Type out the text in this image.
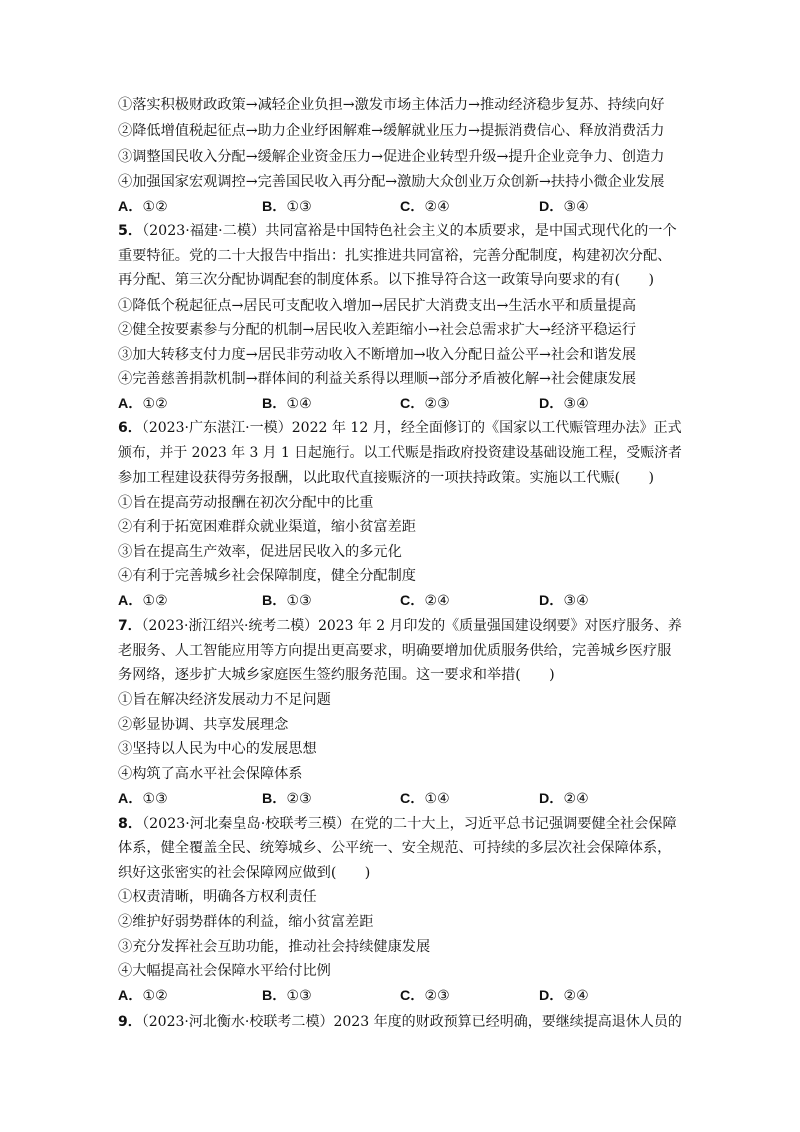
①落实积极财政政策→减轻企业负担→激发市场主体活力→推动经济稳步复苏、持续向好
②降低增值税起征点→助力企业纾困解难→缓解就业压力→提振消费信心、释放消费活力
③调整国民收入分配→缓解企业资金压力→促进企业转型升级→提升企业竞争力、创造力
④加强国家宏观调控→完善国民收入再分配→激励大众创业万众创新→扶持小微企业发展
A．①②	B．①③	C．②④	D．③④
5．（2023·福建·二模）共同富裕是中国特色社会主义的本质要求，是中国式现代化的一个
重要特征。党的二十大报告中指出：扎实推进共同富裕，完善分配制度，构建初次分配、
再分配、第三次分配协调配套的制度体系。以下推导符合这一政策导向要求的有(　　)
①降低个税起征点→居民可支配收入增加→居民扩大消费支出→生活水平和质量提高
②健全按要素参与分配的机制→居民收入差距缩小→社会总需求扩大→经济平稳运行
③加大转移支付力度→居民非劳动收入不断增加→收入分配日益公平→社会和谐发展
④完善慈善捐款机制→群体间的利益关系得以理顺→部分矛盾被化解→社会健康发展
A．①②	B．①④	C．②③	D．③④
6．（2023·广东湛江·一模）2022 年 12 月，经全面修订的《国家以工代赈管理办法》正式
颁布，并于 2023 年 3 月 1 日起施行。以工代赈是指政府投资建设基础设施工程，受赈济者
参加工程建设获得劳务报酬，以此取代直接赈济的一项扶持政策。实施以工代赈(　　)
①旨在提高劳动报酬在初次分配中的比重
②有利于拓宽困难群众就业渠道，缩小贫富差距
③旨在提高生产效率，促进居民收入的多元化
④有利于完善城乡社会保障制度，健全分配制度
A．①②	B．①③	C．②④	D．③④
7．（2023·浙江绍兴·统考二模）2023 年 2 月印发的《质量强国建设纲要》对医疗服务、养
老服务、人工智能应用等方向提出更高要求，明确要增加优质服务供给，完善城乡医疗服
务网络，逐步扩大城乡家庭医生签约服务范围。这一要求和举措(　　)
①旨在解决经济发展动力不足问题
②彰显协调、共享发展理念
③坚持以人民为中心的发展思想
④构筑了高水平社会保障体系
A．①③	B．②③	C．①④	D．②④
8．（2023·河北秦皇岛·校联考三模）在党的二十大上，习近平总书记强调要健全社会保障
体系，健全覆盖全民、统筹城乡、公平统一、安全规范、可持续的多层次社会保障体系，
织好这张密实的社会保障网应做到(　　)
①权责清晰，明确各方权利责任
②维护好弱势群体的利益，缩小贫富差距
③充分发挥社会互助功能，推动社会持续健康发展
④大幅提高社会保障水平给付比例
A．①②	B．①③	C．②③	D．②④
9．（2023·河北衡水·校联考二模）2023 年度的财政预算已经明确，要继续提高退休人员的
